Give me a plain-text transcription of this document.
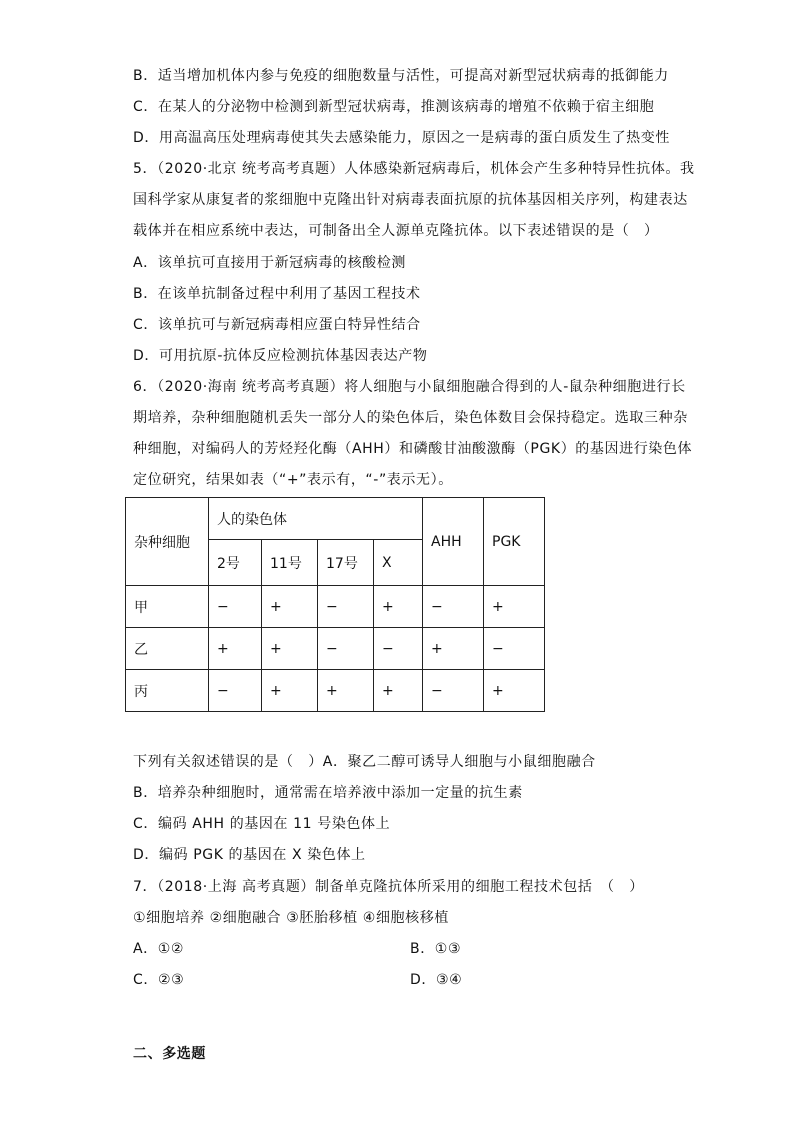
B．适当增加机体内参与免疫的细胞数量与活性，可提高对新型冠状病毒的抵御能力
C．在某人的分泌物中检测到新型冠状病毒，推测该病毒的增殖不依赖于宿主细胞
D．用高温高压处理病毒使其失去感染能力，原因之一是病毒的蛋白质发生了热变性
5．（2020·北京 统考高考真题）人体感染新冠病毒后，机体会产生多种特异性抗体。我
国科学家从康复者的浆细胞中克隆出针对病毒表面抗原的抗体基因相关序列，构建表达
载体并在相应系统中表达，可制备出全人源单克隆抗体。以下表述错误的是（　）
A．该单抗可直接用于新冠病毒的核酸检测
B．在该单抗制备过程中利用了基因工程技术
C．该单抗可与新冠病毒相应蛋白特异性结合
D．可用抗原-抗体反应检测抗体基因表达产物
6．（2020·海南 统考高考真题）将人细胞与小鼠细胞融合得到的人-鼠杂种细胞进行长
期培养，杂种细胞随机丢失一部分人的染色体后，染色体数目会保持稳定。选取三种杂
种细胞，对编码人的芳烃羟化酶（AHH）和磷酸甘油酸激酶（PGK）的基因进行染色体
定位研究，结果如表（“+”表示有，“-”表示无）。
杂种细胞	人的染色体				AHH	PGK
	2号	11号	17号	X		
甲	−	+	−	+	−	+
乙	+	+	−	−	+	−
丙	−	+	+	+	−	+
下列有关叙述错误的是（　）A．聚乙二醇可诱导人细胞与小鼠细胞融合
B．培养杂种细胞时，通常需在培养液中添加一定量的抗生素
C．编码 AHH 的基因在 11 号染色体上
D．编码 PGK 的基因在 X 染色体上
7．（2018·上海 高考真题）制备单克隆抗体所采用的细胞工程技术包括　（　）
①细胞培养 ②细胞融合 ③胚胎移植 ④细胞核移植
A．①②	B．①③
C．②③	D．③④
二、多选题
